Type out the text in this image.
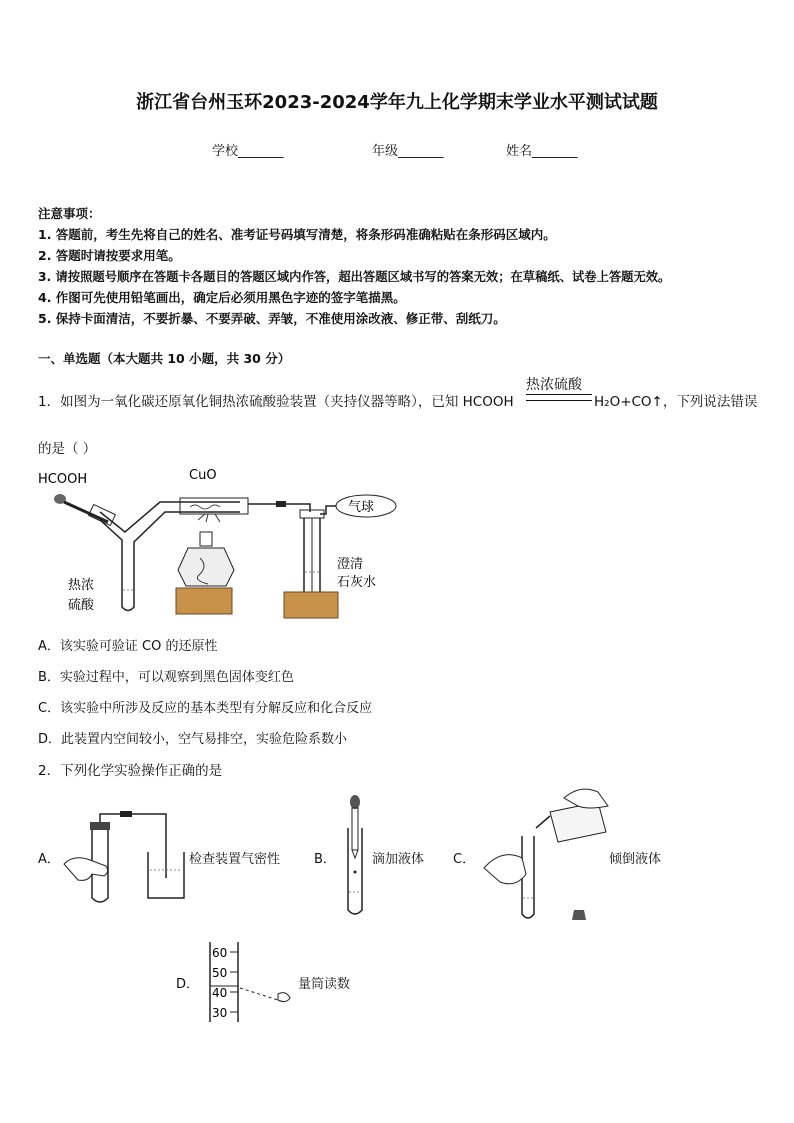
浙江省台州玉环2023-2024学年九上化学期末学业水平测试试题
学校_______	年级_______	姓名_______
注意事项：
1. 答题前，考生先将自己的姓名、准考证号码填写清楚，将条形码准确粘贴在条形码区域内。
2. 答题时请按要求用笔。
3. 请按照题号顺序在答题卡各题目的答题区域内作答，超出答题区域书写的答案无效；在草稿纸、试卷上答题无效。
4. 作图可先使用铅笔画出，确定后必须用黑色字迹的签字笔描黑。
5. 保持卡面清洁，不要折暴、不要弄破、弄皱，不准使用涂改液、修正带、刮纸刀。
一、单选题（本大题共 10 小题，共 30 分）
1．如图为一氧化碳还原氧化铜热浓硫酸验装置（夹持仪器等略），已知 HCOOH
热浓硫酸
H₂O+CO↑，下列说法错误
的是（ ）
HCOOH	CuO
热浓
硫酸
澄清
石灰水
气球
A．该实验可验证 CO 的还原性
B．实验过程中，可以观察到黑色固体变红色
C．该实验中所涉及反应的基本类型有分解反应和化合反应
D．此装置内空间较小，空气易排空，实验危险系数小
2．下列化学实验操作正确的是
A．	检查装置气密性	B．	滴加液体 C．	倾倒液体
D．
60
50
40
30
量筒读数
